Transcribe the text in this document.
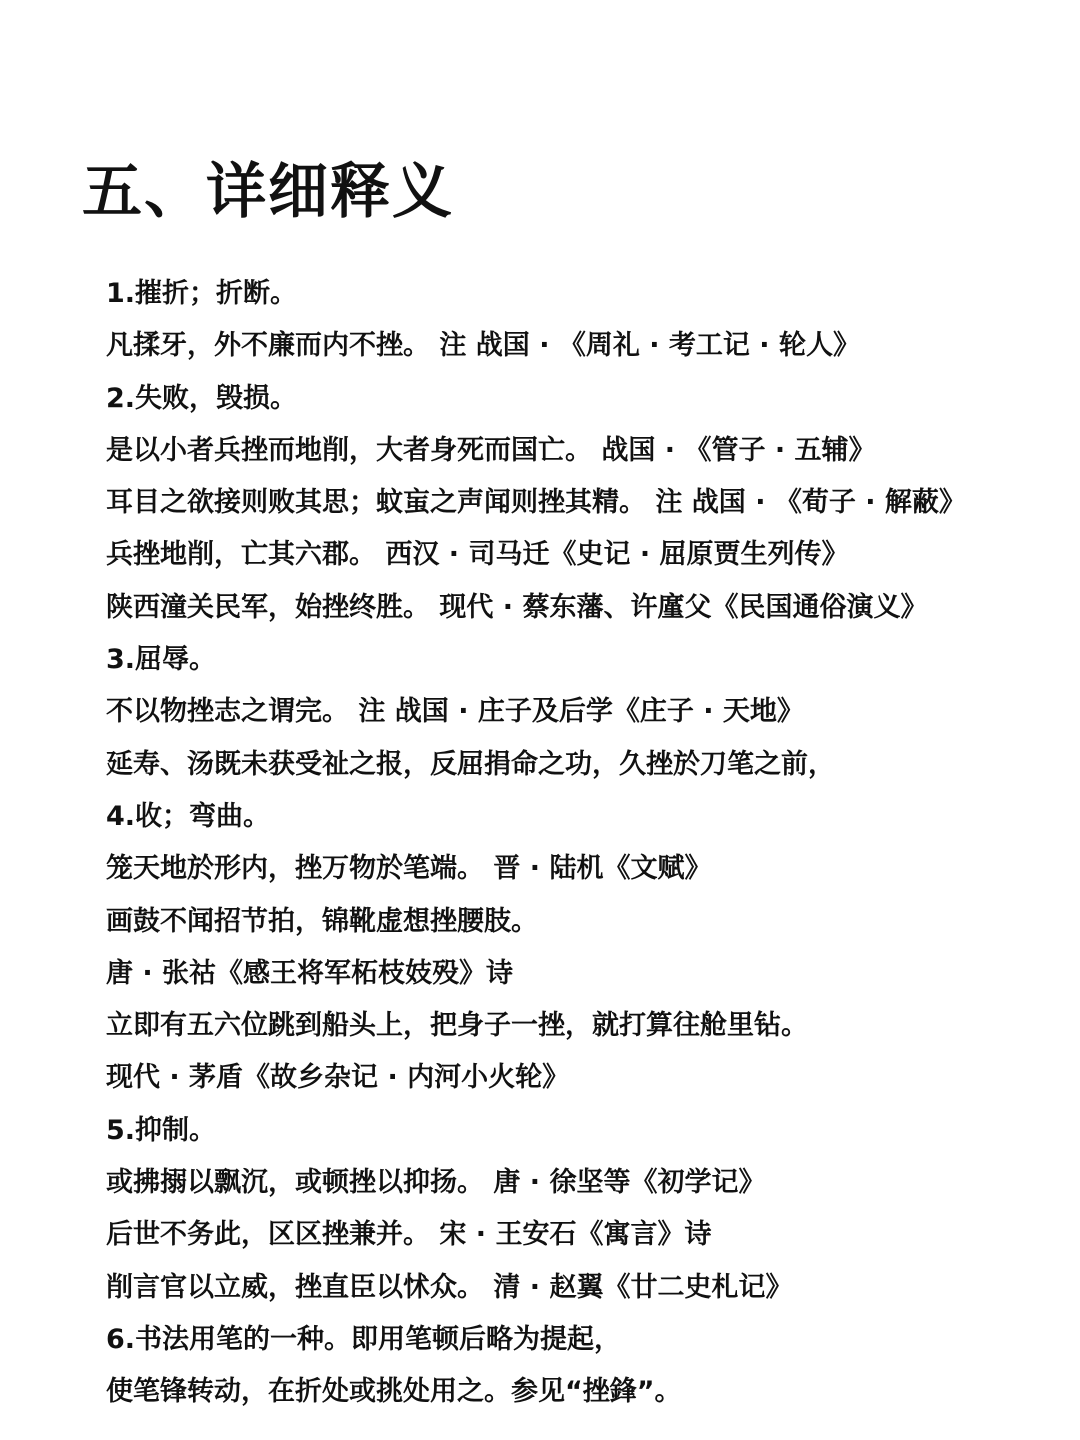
五、详细释义
1.摧折；折断。
凡揉牙，外不廉而内不挫。 注 战国 · 《周礼 · 考工记 · 轮人》
2.失败，毁损。
是以小者兵挫而地削，大者身死而国亡。 战国 · 《管子 · 五辅》
耳目之欲接则败其思；蚊䖟之声闻则挫其精。 注 战国 · 《荀子 · 解蔽》
兵挫地削，亡其六郡。 西汉 · 司马迁《史记 · 屈原贾生列传》
陕西潼关民军，始挫终胜。 现代 · 蔡东藩、许廑父《民国通俗演义》
3.屈辱。
不以物挫志之谓完。 注 战国 · 庄子及后学《庄子 · 天地》
延寿、汤既未获受祉之报，反屈捐命之功，久挫於刀笔之前，
4.收；弯曲。
笼天地於形内，挫万物於笔端。 晋 · 陆机《文赋》
画鼓不闻招节拍，锦靴虚想挫腰肢。
唐 · 张祜《感王将军柘枝妓殁》诗
立即有五六位跳到船头上，把身子一挫，就打算往舱里钻。
现代 · 茅盾《故乡杂记 · 内河小火轮》
5.抑制。
或拂搦以飘沉，或顿挫以抑扬。 唐 · 徐坚等《初学记》
后世不务此，区区挫兼并。 宋 · 王安石《寓言》诗
削言官以立威，挫直臣以怵众。 清 · 赵翼《廿二史札记》
6.书法用笔的一种。即用笔顿后略为提起，
使笔锋转动，在折处或挑处用之。参见“挫鋒”。
